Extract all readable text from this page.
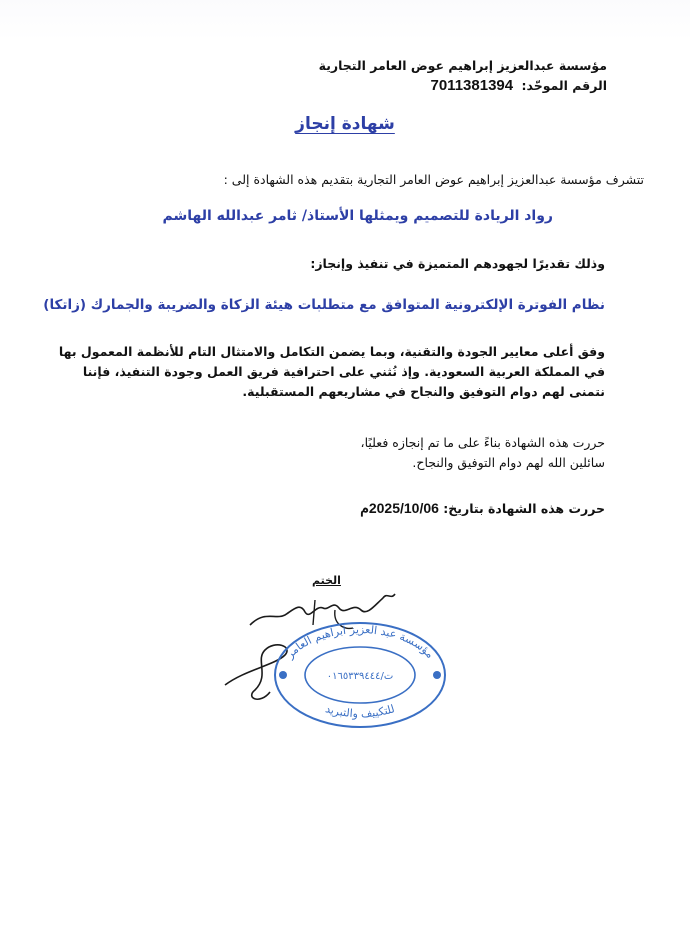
مؤسسة عبدالعزيز إبراهيم عوض العامر التجارية
الرقم الموحّد: 7011381394
شهادة إنجاز
تتشرف مؤسسة عبدالعزيز إبراهيم عوض العامر التجارية بتقديم هذه الشهادة إلى :
رواد الريادة للتصميم ويمثلها الأستاذ/ ثامر عبدالله الهاشم
وذلك تقديرًا لجهودهم المتميزة في تنفيذ وإنجاز:
نظام الفوترة الإلكترونية المتوافق مع متطلبات هيئة الزكاة والضريبة والجمارك (زاتكا)
وفق أعلى معايير الجودة والتقنية، وبما يضمن التكامل والامتثال التام للأنظمة المعمول بها في المملكة العربية السعودية. وإذ نُثني على احترافية فريق العمل وجودة التنفيذ، فإننا نتمنى لهم دوام التوفيق والنجاح في مشاريعهم المستقبلية.
حررت هذه الشهادة بناءً على ما تم إنجازه فعليًا،
سائلين الله لهم دوام التوفيق والنجاح.
حررت هذه الشهادة بتاريخ: 2025/10/06م
الختم
مؤسسة عبد العزيز ابراهيم العامر
للتكييف والتبريد
ت/٠١٦٥٣٣٩٤٤٤
